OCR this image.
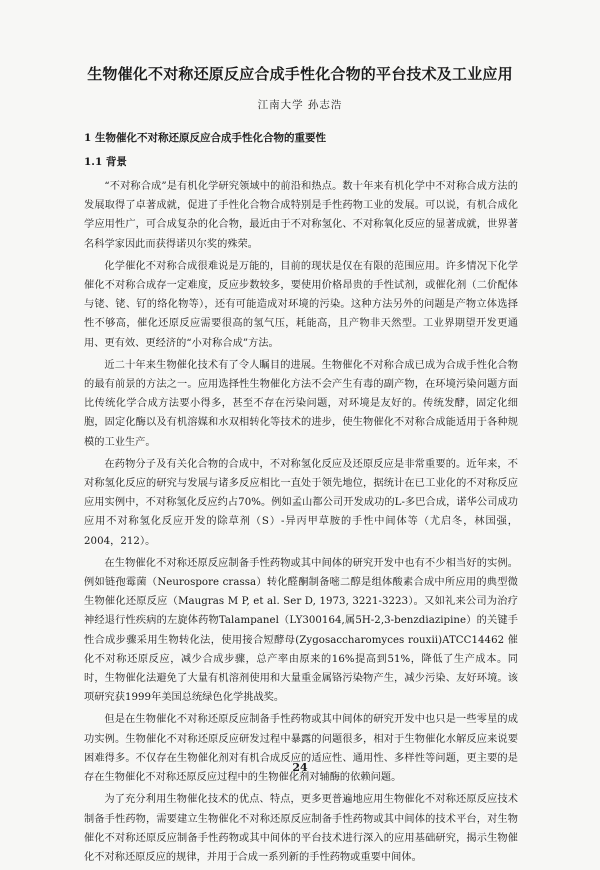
生物催化不对称还原反应合成手性化合物的平台技术及工业应用
江南大学 孙志浩
1 生物催化不对称还原反应合成手性化合物的重要性
1.1 背景

“不对称合成”是有机化学研究领域中的前沿和热点。数十年来有机化学中不对称合成方法的发展取得了卓著成就，促进了手性化合物合成特别是手性药物工业的发展。可以说，有机合成化学应用性广，可合成复杂的化合物，最近由于不对称氢化、不对称氧化反应的显著成就，世界著名科学家因此而获得诺贝尔奖的殊荣。

化学催化不对称合成很难说是万能的，目前的现状是仅在有限的范围应用。许多情况下化学催化不对称合成存一定难度，反应步数较多，要使用价格昂贵的手性试剂，或催化剂（二价配体与铑、铑、钌的络化物等），还有可能造成对环境的污染。这种方法另外的问题是产物立体选择性不够高，催化还原反应需要很高的氢气压，耗能高，且产物非天然型。工业界期望开发更通用、更有效、更经济的“小对称合成”方法。

近二十年来生物催化技术有了令人瞩目的进展。生物催化不对称合成已成为合成手性化合物的最有前景的方法之一。应用选择性生物催化方法不会产生有毒的副产物，在环境污染问题方面比传统化学合成方法要小得多，甚至不存在污染问题，对环境是友好的。传统发酵，固定化细胞，固定化酶以及有机溶媒和水双相转化等技术的进步，使生物催化不对称合成能适用于各种规模的工业生产。

在药物分子及有关化合物的合成中，不对称氢化反应及还原反应是非常重要的。近年来，不对称氢化反应的研究与发展与诸多反应相比一直处于领先地位，据统计在已工业化的不对称反应应用实例中，不对称氢化反应约占70%。例如孟山都公司开发成功的L-多巴合成，诺华公司成功应用不对称氢化反应开发的除草剂（S）-异丙甲草胺的手性中间体等（尤启冬，林国强，2004，212）。

在生物催化不对称还原反应制备手性药物或其中间体的研究开发中也有不少相当好的实例。例如链孢霉菌（Neurospore crassa）转化醛酮制备嘧二醇是组体酸素合成中所应用的典型微生物催化还原反应（Maugras M P, et al. Ser D, 1973, 3221-3223）。又如礼来公司为治疗神经退行性疾病的左旋体药物Talampanel（LY300164,属5H-2,3-benzdiazipine）的关键手性合成步骤采用生物转化法，使用接合短酵母(Zygosaccharomyces rouxii)ATCC14462 催化不对称还原反应，减少合成步骤，总产率由原来的16%提高到51%，降低了生产成本。同时，生物催化法避免了大量有机溶剂使用和大量重金属铬污染物产生，减少污染、友好环境。该项研究获1999年美国总统绿色化学挑战奖。

但是在生物催化不对称还原反应制备手性药物或其中间体的研究开发中也只是一些零星的成功实例。生物催化不对称还原反应研发过程中暴露的问题很多，相对于生物催化水解反应来说要困难得多。不仅存在生物催化剂对有机合成反应的适应性、通用性、多样性等问题，更主要的是存在生物催化不对称还原反应过程中的生物催化剂对辅酶的依赖问题。

为了充分利用生物催化技术的优点、特点，更多更普遍地应用生物催化不对称还原反应技术制备手性药物，需要建立生物催化不对称还原反应制备手性药物或其中间体的技术平台，对生物催化不对称还原反应制备手性药物或其中间体的平台技术进行深入的应用基础研究，揭示生物催化不对称还原反应的规律，并用于合成一系列新的手性药物或重要中间体。

24
